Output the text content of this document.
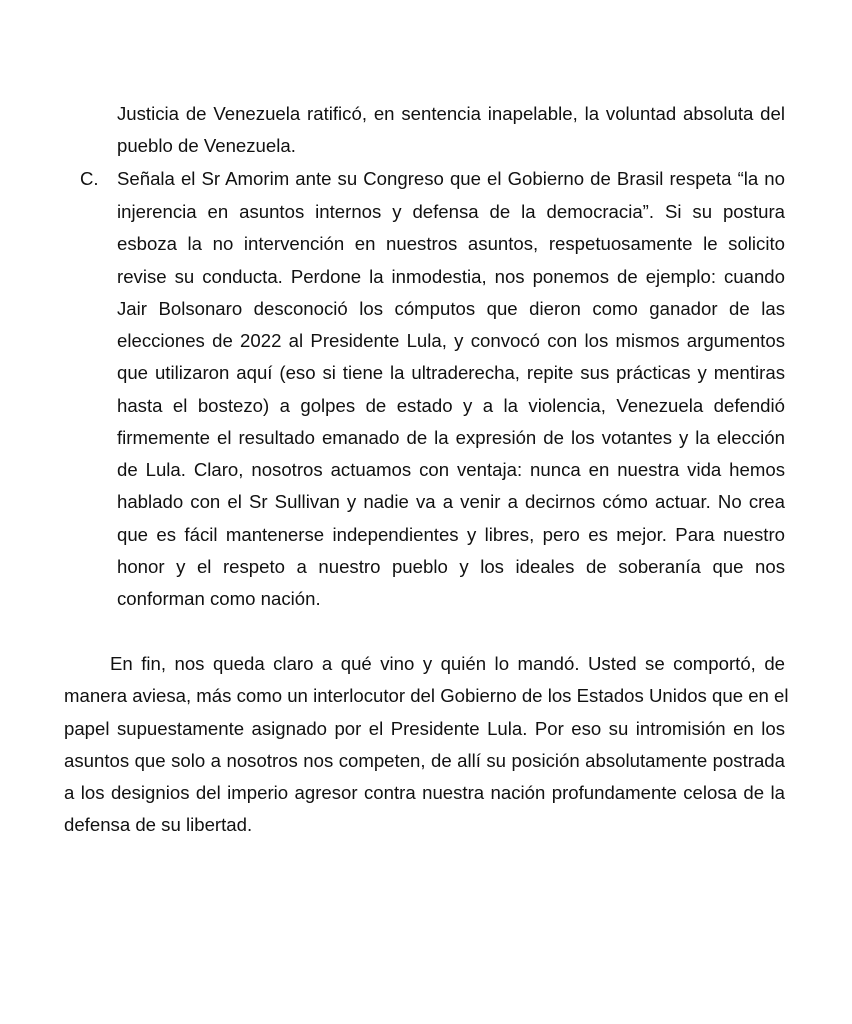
Justicia de Venezuela ratificó, en sentencia inapelable, la voluntad absoluta del
pueblo de Venezuela.
C. Señala el Sr Amorim ante su Congreso que el Gobierno de Brasil respeta “la no
injerencia en asuntos internos y defensa de la democracia”. Si su postura
esboza la no intervención en nuestros asuntos, respetuosamente le solicito
revise su conducta. Perdone la inmodestia, nos ponemos de ejemplo: cuando
Jair Bolsonaro desconoció los cómputos que dieron como ganador de las
elecciones de 2022 al Presidente Lula, y convocó con los mismos argumentos
que utilizaron aquí (eso si tiene la ultraderecha, repite sus prácticas y mentiras
hasta el bostezo) a golpes de estado y a la violencia, Venezuela defendió
firmemente el resultado emanado de la expresión de los votantes y la elección
de Lula. Claro, nosotros actuamos con ventaja: nunca en nuestra vida hemos
hablado con el Sr Sullivan y nadie va a venir a decirnos cómo actuar. No crea
que es fácil mantenerse independientes y libres, pero es mejor. Para nuestro
honor y el respeto a nuestro pueblo y los ideales de soberanía que nos
conforman como nación.
En fin, nos queda claro a qué vino y quién lo mandó. Usted se comportó, de
manera aviesa, más como un interlocutor del Gobierno de los Estados Unidos que en el
papel supuestamente asignado por el Presidente Lula. Por eso su intromisión en los
asuntos que solo a nosotros nos competen, de allí su posición absolutamente postrada
a los designios del imperio agresor contra nuestra nación profundamente celosa de la
defensa de su libertad.
